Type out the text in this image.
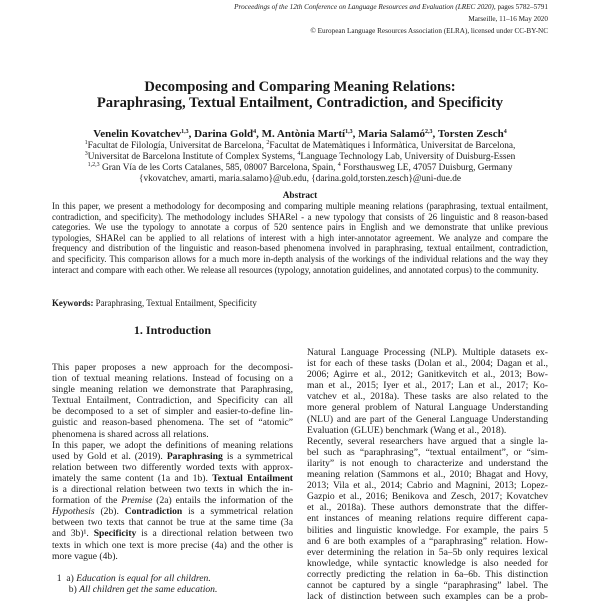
Proceedings of the 12th Conference on Language Resources and Evaluation (LREC 2020), pages 5782–5791
Marseille, 11–16 May 2020
© European Language Resources Association (ELRA), licensed under CC-BY-NC
Decomposing and Comparing Meaning Relations:
Paraphrasing, Textual Entailment, Contradiction, and Specificity
Venelin Kovatchev$^{1,3}$, Darina Gold$^4$, M. Antònia Martí$^{1,3}$, Maria Salamó$^{2,3}$, Torsten Zesch$^4$
$^1$Facultat de Filología, Universitat de Barcelona, $^2$Facultat de Matemàtiques i Informàtica, Universitat de Barcelona,
$^3$Universitat de Barcelona Institute of Complex Systems, $^4$Language Technology Lab, University of Duisburg-Essen
$^{1,2,3}$ Gran Vía de les Corts Catalanes, 585, 08007 Barcelona, Spain, $^4$ Forsthausweg LE, 47057 Duisburg, Germany
{vkovatchev, amarti, maria.salamo}@ub.edu, {darina.gold,torsten.zesch}@uni-due.de
Abstract
In this paper, we present a methodology for decomposing and comparing multiple meaning relations (paraphrasing, textual entailment,
contradiction, and specificity). The methodology includes SHARel - a new typology that consists of 26 linguistic and 8 reason-based
categories. We use the typology to annotate a corpus of 520 sentence pairs in English and we demonstrate that unlike previous
typologies, SHARel can be applied to all relations of interest with a high inter-annotator agreement. We analyze and compare the
frequency and distribution of the linguistic and reason-based phenomena involved in paraphrasing, textual entailment, contradiction,
and specificity. This comparison allows for a much more in-depth analysis of the workings of the individual relations and the way they
interact and compare with each other. We release all resources (typology, annotation guidelines, and annotated corpus) to the community.
Keywords: Paraphrasing, Textual Entailment, Specificity
1. Introduction
This paper proposes a new approach for the decomposi-
tion of textual meaning relations. Instead of focusing on a
single meaning relation we demonstrate that Paraphrasing,
Textual Entailment, Contradiction, and Specificity can all
be decomposed to a set of simpler and easier-to-define lin-
guistic and reason-based phenomena. The set of “atomic”
phenomena is shared across all relations.
In this paper, we adopt the definitions of meaning relations
used by Gold et al. (2019). Paraphrasing is a symmetrical
relation between two differently worded texts with approx-
imately the same content (1a and 1b). Textual Entailment
is a directional relation between two texts in which the in-
formation of the Premise (2a) entails the information of the
Hypothesis (2b). Contradiction is a symmetrical relation
between two texts that cannot be true at the same time (3a
and 3b)¹. Specificity is a directional relation between two
texts in which one text is more precise (4a) and the other is
more vague (4b).
1  a) Education is equal for all children.
b) All children get the same education.
Natural Language Processing (NLP). Multiple datasets ex-
ist for each of these tasks (Dolan et al., 2004; Dagan et al.,
2006; Agirre et al., 2012; Ganitkevitch et al., 2013; Bow-
man et al., 2015; Iyer et al., 2017; Lan et al., 2017; Ko-
vatchev et al., 2018a). These tasks are also related to the
more general problem of Natural Language Understanding
(NLU) and are part of the General Language Understanding
Evaluation (GLUE) benchmark (Wang et al., 2018).
Recently, several researchers have argued that a single la-
bel such as “paraphrasing”, “textual entailment”, or “sim-
ilarity” is not enough to characterize and understand the
meaning relation (Sammons et al., 2010; Bhagat and Hovy,
2013; Vila et al., 2014; Cabrio and Magnini, 2013; Lopez-
Gazpio et al., 2016; Benikova and Zesch, 2017; Kovatchev
et al., 2018a). These authors demonstrate that the differ-
ent instances of meaning relations require different capa-
bilities and linguistic knowledge. For example, the pairs 5
and 6 are both examples of a “paraphrasing” relation. How-
ever determining the relation in 5a–5b only requires lexical
knowledge, while syntactic knowledge is also needed for
correctly predicting the relation in 6a–6b. This distinction
cannot be captured by a single “paraphrasing” label. The
lack of distinction between such examples can be a prob-
